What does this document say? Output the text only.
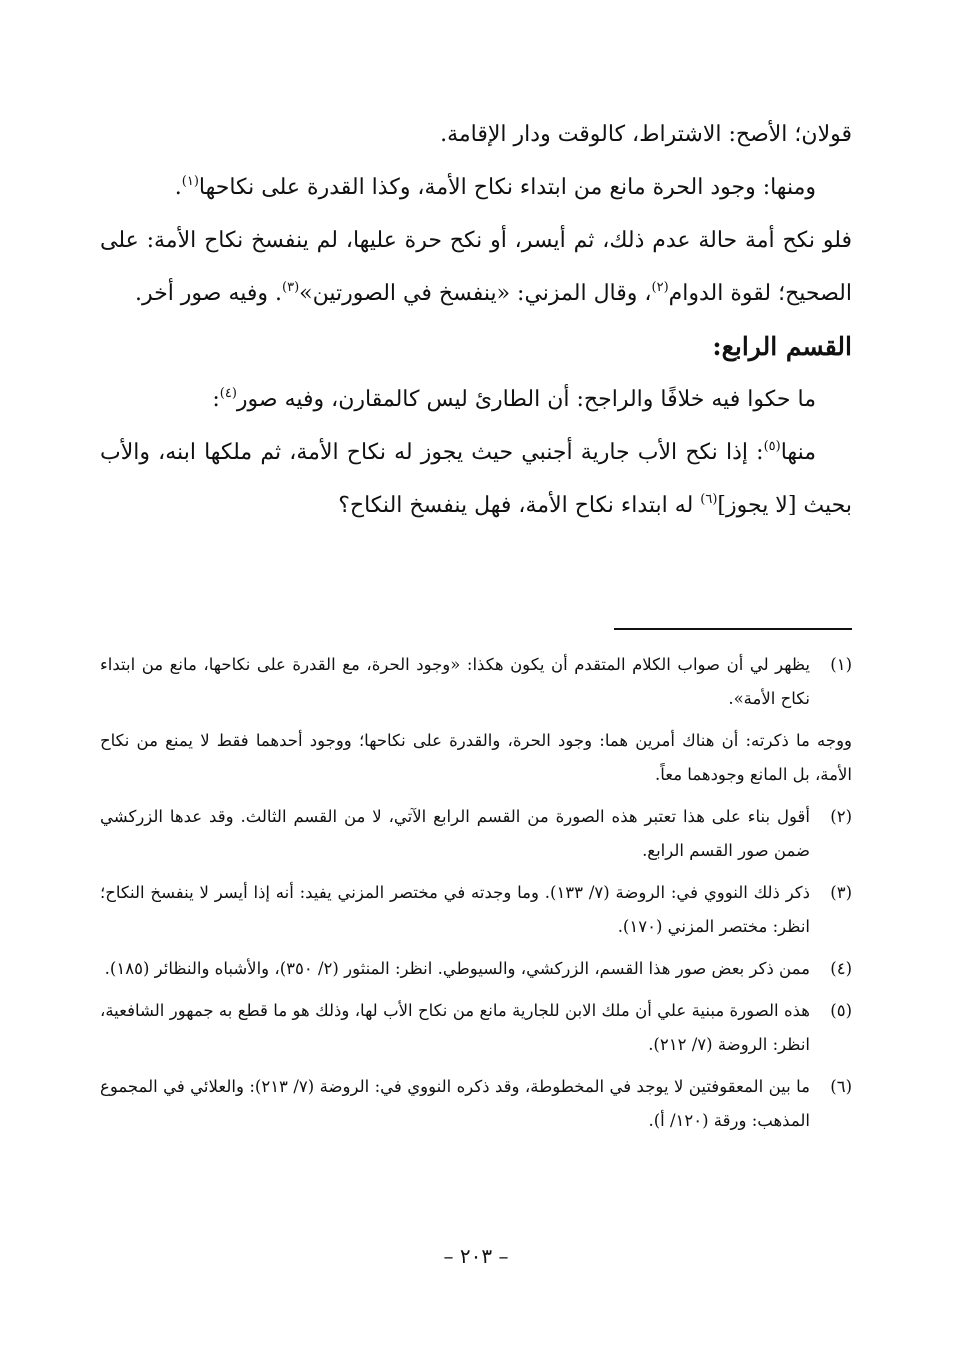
قولان؛ الأصح: الاشتراط، كالوقت ودار الإقامة.

ومنها: وجود الحرة مانع من ابتداء نكاح الأمة، وكذا القدرة على نكاحها$^{(١)}$.

فلو نكح أمة حالة عدم ذلك، ثم أيسر، أو نكح حرة عليها، لم ينفسخ نكاح الأمة: على الصحيح؛ لقوة الدوام$^{(٢)}$، وقال المزني: «ينفسخ في الصورتين»$^{(٣)}$. وفيه صور أخر.

القسم الرابع:

ما حكوا فيه خلافًا والراجح: أن الطارئ ليس كالمقارن، وفيه صور$^{(٤)}$:

منها$^{(٥)}$: إذا نكح الأب جارية أجنبي حيث يجوز له نكاح الأمة، ثم ملكها ابنه، والأب بحيث [لا يجوز]$^{(٦)}$ له ابتداء نكاح الأمة، فهل ينفسخ النكاح؟

(١)
يظهر لي أن صواب الكلام المتقدم أن يكون هكذا: «وجود الحرة، مع القدرة على نكاحها، مانع من ابتداء نكاح الأمة».
ووجه ما ذكرته: أن هناك أمرين هما: وجود الحرة، والقدرة على نكاحها؛ ووجود أحدهما فقط لا يمنع من نكاح الأمة، بل المانع وجودهما معاً.
(٢)
أقول بناء على هذا تعتبر هذه الصورة من القسم الرابع الآتي، لا من القسم الثالث. وقد عدها الزركشي ضمن صور القسم الرابع.
(٣)
ذكر ذلك النووي في: الروضة (٧/ ١٣٣). وما وجدته في مختصر المزني يفيد: أنه إذا أيسر لا ينفسخ النكاح؛ انظر: مختصر المزني (١٧٠).
(٤)
ممن ذكر بعض صور هذا القسم، الزركشي، والسيوطي. انظر: المنثور (٢/ ٣٥٠)، والأشباه والنظائر (١٨٥).
(٥)
هذه الصورة مبنية علي أن ملك الابن للجارية مانع من نكاح الأب لها، وذلك هو ما قطع به جمهور الشافعية، انظر: الروضة (٧/ ٢١٢).
(٦)
ما بين المعقوفتين لا يوجد في المخطوطة، وقد ذكره النووي في: الروضة (٧/ ٢١٣): والعلائي في المجموع المذهب: ورقة (١٢٠/ أ).
– ٢٠٣ –
